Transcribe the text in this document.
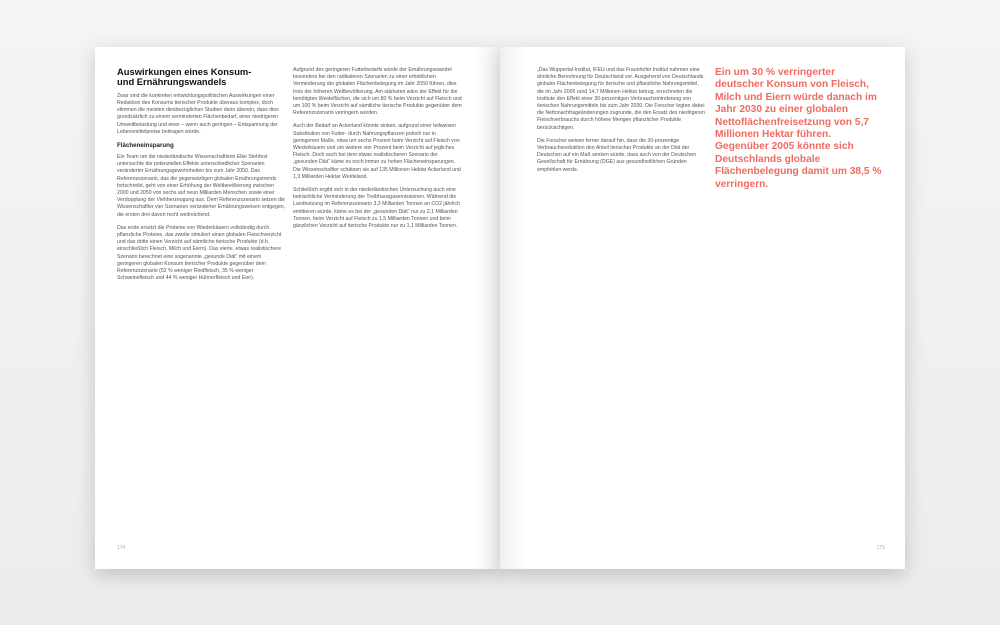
Auswirkungen eines Konsum-
und Ernährungswandels

Zwar sind die konkreten entwicklungspolitischen Auswirkungen einer Reduktion des Konsums tierischer Produkte überaus komplex, doch stimmen die meisten diesbezüglichen Studien darin überein, dass dies grundsätzlich zu einem verminderten Flächenbedarf, einer niedrigeren Umweltbelastung und einer – wenn auch geringen – Entspannung der Lebensmittelpreise beitragen würde.

Flächeneinsparung

Ein Team um die niederländische Wissenschaftlerin Elke Stehfest untersuchte die potenziellen Effekte unterschiedlicher Szenarien veränderter Ernährungsgewohnheiten bis zum Jahr 2050. Das Referenzszenario, das die gegenwärtigen globalen Ernährungstrends fortschreibt, geht von einer Erhöhung der Weltbevölkerung zwischen 2000 und 2050 von sechs auf neun Milliarden Menschen sowie einer Verdopplung der Viehherzeugung aus. Dem Referenzszenario setzen die Wissenschaftler vier Szenarien veränderter Ernährungsweisen entgegen, die ersten drei davon recht weitreichend.

Das erste ersetzt die Proteine von Wiederkäuern vollständig durch pflanzliche Proteine, das zweite simuliert einen globalen Fleischverzicht und das dritte einen Verzicht auf sämtliche tierische Produkte (d.h. einschließlich Fleisch, Milch und Eiern). Das vierte, etwas realistischere Szenario berechnet eine sogenannte „gesunde Diät“ mit einem geringeren globalen Konsum tierischer Produkte gegenüber dem Referenzszenario (52 % weniger Rindfleisch, 35 % weniger Schweinefleisch und 44 % weniger Hühnerfleisch und Eier).

Aufgrund des geringeren Futterbedarfs würde der Ernährungswandel besonders bei den radikaleren Szenarien zu einer erheblichen Verminderung der globalen Flächenbelegung im Jahr 2050 führen, dies trotz der höheren Weltbevölkerung. Am stärksten wäre der Effekt für die benötigten Weideflächen, die sich um 80 % beim Verzicht auf Fleisch und um 100 % beim Verzicht auf sämtliche tierische Produkte gegenüber dem Referenzszenario verringern würden.

Auch der Bedarf an Ackerland könnte sinken, aufgrund einer teilweisen Substitution von Futter- durch Nahrungspflanzen jedoch nur in geringerem Maße, etwa um sechs Prozent beim Verzicht auf Fleisch von Wiederkäuern und um weitere vier Prozent beim Verzicht auf jegliches Fleisch. Doch auch bei dem etwas realistischeren Szenario der „gesunden Diät“ käme es noch immer zu hohen Flächeneinsparungen. Die Wissenschaftler schätzen sie auf 135 Millionen Hektar Ackerland und 1,3 Milliarden Hektar Weideland.

Schließlich ergibt sich in der niederländischen Untersuchung auch eine beträchtliche Verminderung der Treibhausgasemissionen. Während die Landnutzung im Referenzszenario 3,3 Milliarden Tonnen an CO2 jährlich emittieren würde, käme es bei der „gesunden Diät“ nur zu 2,1 Milliarden Tonnen, beim Verzicht auf Fleisch zu 1,5 Milliarden Tonnen und beim gänzlichen Verzicht auf tierische Produkte nur zu 1,1 Milliarden Tonnen.

174

„Das Wuppertal-Institut, IFEU und das Fraunhofer Institut nahmen eine ähnliche Berechnung für Deutschland vor. Ausgehend von Deutschlands globaler Flächenbelegung für tierische und pflanzliche Nahrungsmittel, die im Jahr 2005 rund 14,7 Millionen Hektar betrug, errechneten die Institute den Effekt einer 30-prozentigen Verbrauchsminderung von tierischen Nahrungsmitteln bis zum Jahr 2030. Die Forscher legten dabei die Nettonachfrageänderungen zugrunde, die den Ersatz des niedrigeren Fleischverbrauchs durch höhere Mengen pflanzlicher Produkte berücksichtigen.

Die Forscher weisen ferner darauf hin, dass die 30-prozentige Verbrauchsreduktion den Anteil tierischer Produkte an der Diät der Deutschen auf ein Maß senken würde, dass auch von der Deutschen Gesellschaft für Ernährung (DGE) aus gesundheitlichen Gründen empfohlen werde.

Ein um 30 % verringerter deutscher Konsum von Fleisch, Milch und Eiern würde danach im Jahr 2030 zu einer globalen Nettoflächenfreisetzung von 5,7 Millionen Hektar führen. Gegenüber 2005 könnte sich Deutschlands globale Flächenbelegung damit um 38,5 % verringern.

175
